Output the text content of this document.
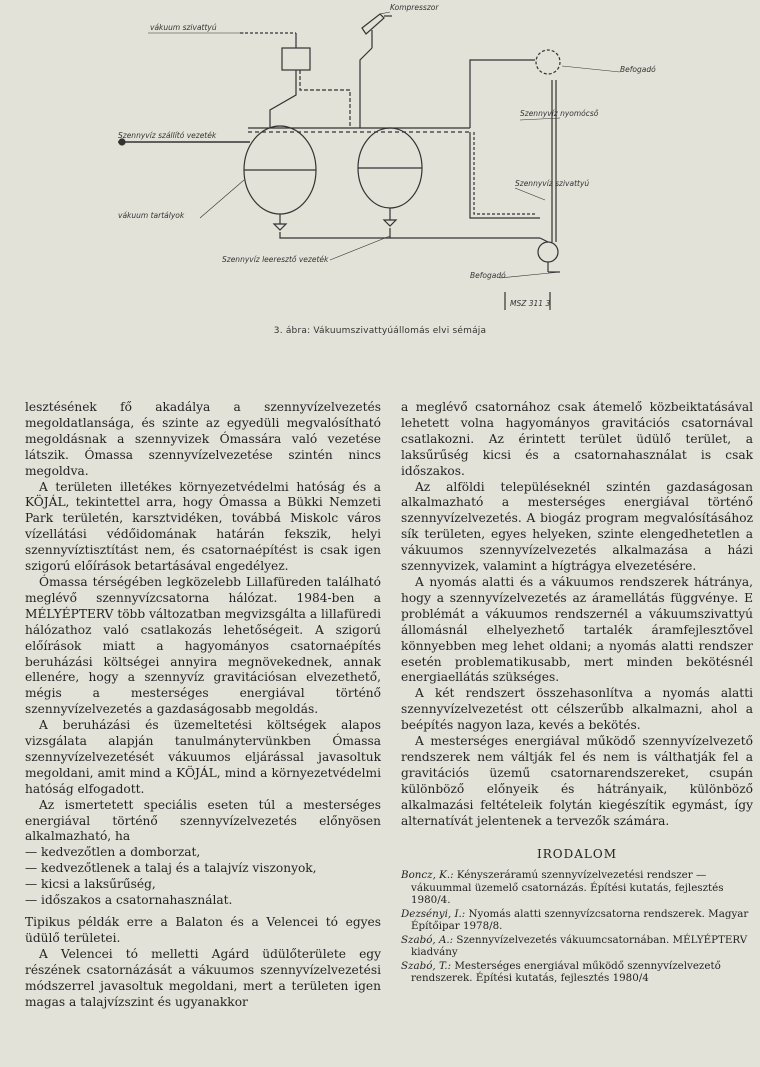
vákuum szivattyú
Kompresszor
Befogadó
Szennyvíz szállító vezeték
Szennyvíz nyomócső
Szennyvíz szivattyú
vákuum tartályok
Szennyvíz leeresztő vezeték
Befogadó
MSZ 311 3
3. ábra: Vákuumszivattyúállomás elvi sémája

lesztésének fő akadálya a szennyvízelvezetés megoldatlansága, és szinte az egyedüli megvalósítható megoldásnak a szennyvizek Ómassára való vezetése látszik. Ómassa szennyvízelvezetése szintén nincs megoldva.

A területen illetékes környezetvédelmi hatóság és a KÖJÁL, tekintettel arra, hogy Ómassa a Bükki Nemzeti Park területén, karsztvidéken, továbbá Miskolc város vízellátási védőidomának határán fekszik, helyi szennyvíztisztítást nem, és csatornaépítést is csak igen szigorú előírások betartásával engedélyez.

Ómassa térségében legközelebb Lillafüreden található meglévő szennyvízcsatorna hálózat. 1984-ben a MÉLYÉPTERV több változatban megvizsgálta a lillafüredi hálózathoz való csatlakozás lehetőségeit. A szigorú előírások miatt a hagyományos csatornaépítés beruházási költségei annyira megnövekednek, annak ellenére, hogy a szennyvíz gravitációsan elvezethető, mégis a mesterséges energiával történő szennyvízelvezetés a gazdaságosabb megoldás.

A beruházási és üzemeltetési költségek alapos vizsgálata alapján tanulmánytervünkben Ómassa szennyvízelvezetését vákuumos eljárással javasoltuk megoldani, amit mind a KÖJÁL, mind a környezetvédelmi hatóság elfogadott.

Az ismertetett speciális eseten túl a mesterséges energiával történő szennyvízelvezetés előnyösen alkalmazható, ha

— kedvezőtlen a domborzat,
— kedvezőtlenek a talaj és a talajvíz viszonyok,
— kicsi a laksűrűség,
— időszakos a csatornahasználat.

Tipikus példák erre a Balaton és a Velencei tó egyes üdülő területei.

A Velencei tó melletti Agárd üdülőterülete egy részének csatornázását a vákuumos szennyvízelvezetési módszerrel javasoltuk megoldani, mert a területen igen magas a talajvízszint és ugyanakkor

a meglévő csatornához csak átemelő közbeiktatásával lehetett volna hagyományos gravitációs csatornával csatlakozni. Az érintett terület üdülő terület, a laksűrűség kicsi és a csatornahasználat is csak időszakos.

Az alföldi településeknél szintén gazdaságosan alkalmazható a mesterséges energiával történő szennyvízelvezetés. A biogáz program megvalósításához sík területen, egyes helyeken, szinte elengedhetetlen a vákuumos szennyvízelvezetés alkalmazása a házi szennyvizek, valamint a hígtrágya elvezetésére.

A nyomás alatti és a vákuumos rendszerek hátránya, hogy a szennyvízelvezetés az áramellátás függvénye. E problémát a vákuumos rendszernél a vákuumszivattyú állomásnál elhelyezhető tartalék áramfejlesztővel könnyebben meg lehet oldani; a nyomás alatti rendszer esetén problematikusabb, mert minden bekötésnél energiaellátás szükséges.

A két rendszert összehasonlítva a nyomás alatti szennyvízelvezetést ott célszerűbb alkalmazni, ahol a beépítés nagyon laza, kevés a bekötés.

A mesterséges energiával működő szennyvízelvezető rendszerek nem váltják fel és nem is válthatják fel a gravitációs üzemű csatornarendszereket, csupán különböző előnyeik és hátrányaik, különböző alkalmazási feltételeik folytán kiegészítik egymást, így alternatívát jelentenek a tervezők számára.

IRODALOM
Boncz, K.: Kényszeráramú szennyvízelvezetési rendszer — vákuummal üzemelő csatornázás. Építési kutatás, fejlesztés 1980/4.
Dezsényi, I.: Nyomás alatti szennyvízcsatorna rendszerek. Magyar Építőipar 1978/8.
Szabó, A.: Szennyvízelvezetés vákuumcsatornában. MÉLYÉPTERV kiadvány
Szabó, T.: Mesterséges energiával működő szennyvízelvezető rendszerek. Építési kutatás, fejlesztés 1980/4
